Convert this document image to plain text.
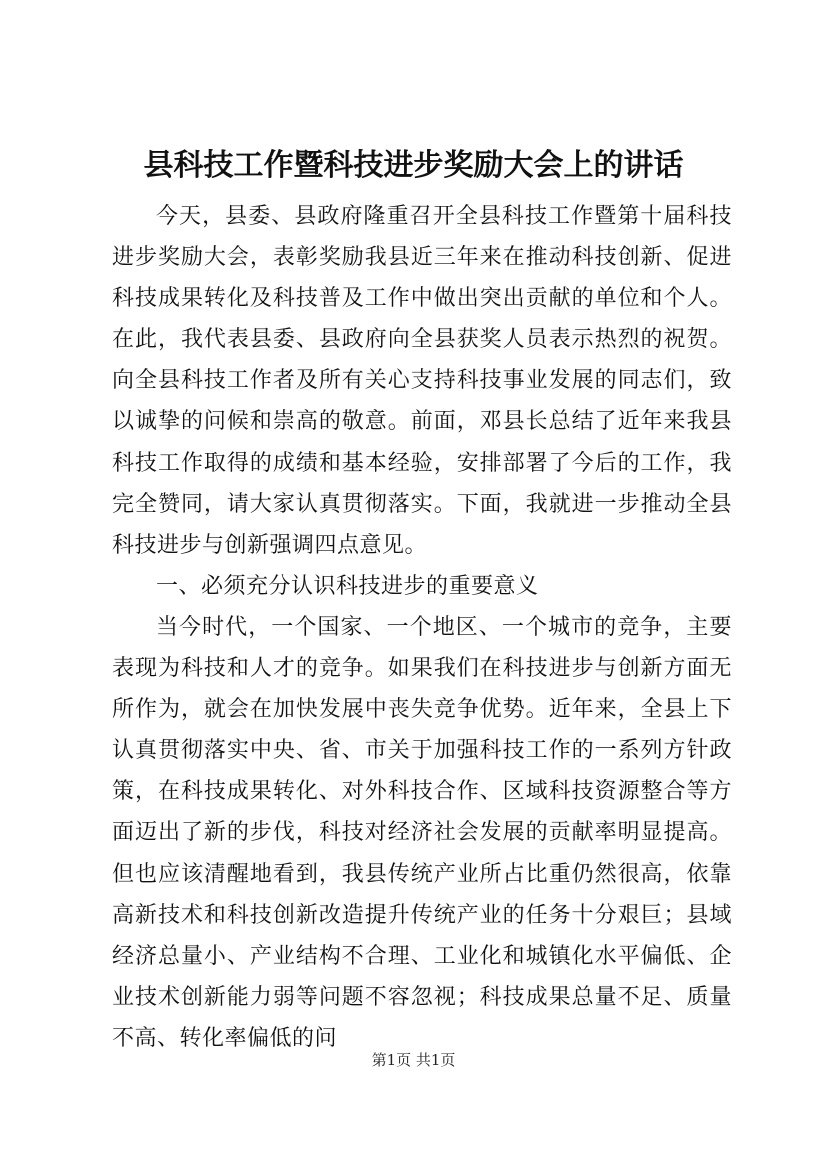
县科技工作暨科技进步奖励大会上的讲话

今天，县委、县政府隆重召开全县科技工作暨第十届科技进步奖励大会，表彰奖励我县近三年来在推动科技创新、促进科技成果转化及科技普及工作中做出突出贡献的单位和个人。在此，我代表县委、县政府向全县获奖人员表示热烈的祝贺。向全县科技工作者及所有关心支持科技事业发展的同志们，致以诚挚的问候和崇高的敬意。前面，邓县长总结了近年来我县科技工作取得的成绩和基本经验，安排部署了今后的工作，我完全赞同，请大家认真贯彻落实。下面，我就进一步推动全县科技进步与创新强调四点意见。

一、必须充分认识科技进步的重要意义

当今时代，一个国家、一个地区、一个城市的竞争，主要表现为科技和人才的竞争。如果我们在科技进步与创新方面无所作为，就会在加快发展中丧失竞争优势。近年来，全县上下认真贯彻落实中央、省、市关于加强科技工作的一系列方针政策，在科技成果转化、对外科技合作、区域科技资源整合等方面迈出了新的步伐，科技对经济社会发展的贡献率明显提高。但也应该清醒地看到，我县传统产业所占比重仍然很高，依靠高新技术和科技创新改造提升传统产业的任务十分艰巨；县域经济总量小、产业结构不合理、工业化和城镇化水平偏低、企业技术创新能力弱等问题不容忽视；科技成果总量不足、质量不高、转化率偏低的问

第1页 共1页
